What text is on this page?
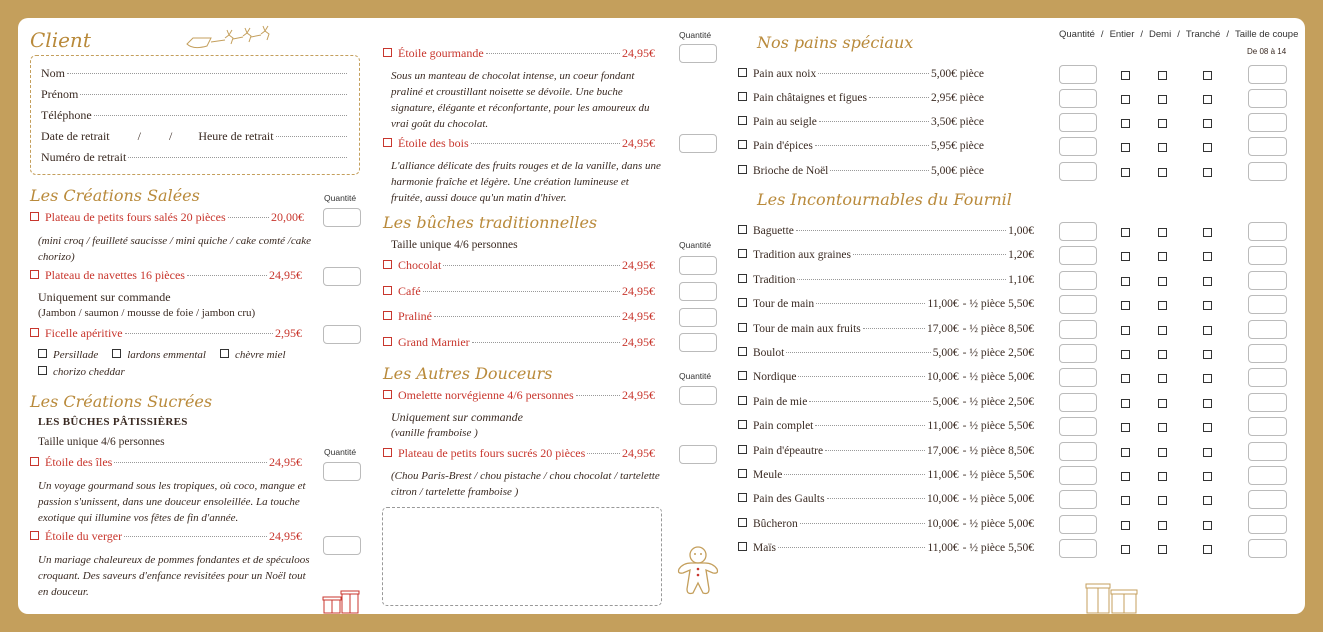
Client
Nom
Prénom
Téléphone
Date de retrait / / Heure de retrait
Numéro de retrait
Les Créations Salées	Quantité
Plateau de petits fours salés 20 pièces	20,00€
(mini croq / feuilleté saucisse / mini quiche / cake comté /cake chorizo)
Plateau de navettes 16 pièces	24,95€
Uniquement sur commande
(Jambon / saumon / mousse de foie / jambon cru)
Ficelle apéritive	2,95€
Persillade	lardons emmental	chèvre miel
chorizo cheddar
Les Créations Sucrées
LES BÛCHES PÂTISSIÈRES
Taille unique 4/6 personnes
Quantité
Étoile des îles	24,95€
Un voyage gourmand sous les tropiques, où coco, mangue et passion s'unissent, dans une douceur ensoleillée. La touche exotique qui illumine vos fêtes de fin d'année.
Étoile du verger	24,95€
Un mariage chaleureux de pommes fondantes et de spéculoos croquant. Des saveurs d'enfance revisitées pour un Noël tout en douceur.
Quantité
Étoile gourmande	24,95€
Sous un manteau de chocolat intense, un coeur fondant praliné et croustillant noisette se dévoile. Une buche signature, élégante et réconfortante, pour les amoureux du vrai goût du chocolat.
Étoile des bois	24,95€
L'alliance délicate des fruits rouges et de la vanille, dans une harmonie fraîche et légère. Une création lumineuse et fruitée, aussi douce qu'un matin d'hiver.
Les bûches traditionnelles
Taille unique 4/6 personnes	Quantité
Chocolat	24,95€
Café	24,95€
Praliné	24,95€
Grand Marnier	24,95€
Les Autres Douceurs	Quantité
Omelette norvégienne 4/6 personnes	24,95€
Uniquement sur commande
(vanille framboise )
Plateau de petits fours sucrés 20 pièces	24,95€
(Chou Paris-Brest / chou pistache / chou chocolat / tartelette citron / tartelette framboise )
Quantité / Entier / Demi / Tranché / Taille de coupe
De 08 à 14
Nos pains spéciaux
Les Incontournables du Fournil
Pain aux noix	5,00€ pièce
Pain châtaignes et figues	2,95€ pièce
Pain au seigle	3,50€ pièce
Pain d'épices	5,95€ pièce
Brioche de Noël	5,00€ pièce
Baguette	1,00€
Tradition aux graines	1,20€
Tradition	1,10€
Tour de main	11,00€ - ½ pièce 5,50€
Tour de main aux fruits	17,00€ - ½ pièce 8,50€
Boulot	5,00€ - ½ pièce 2,50€
Nordique	10,00€ - ½ pièce 5,00€
Pain de mie	5,00€ - ½ pièce 2,50€
Pain complet	11,00€ - ½ pièce 5,50€
Pain d'épeautre	17,00€ - ½ pièce 8,50€
Meule	11,00€ - ½ pièce 5,50€
Pain des Gaults	10,00€ - ½ pièce 5,00€
Bûcheron	10,00€ - ½ pièce 5,00€
Maïs	11,00€ - ½ pièce 5,50€
